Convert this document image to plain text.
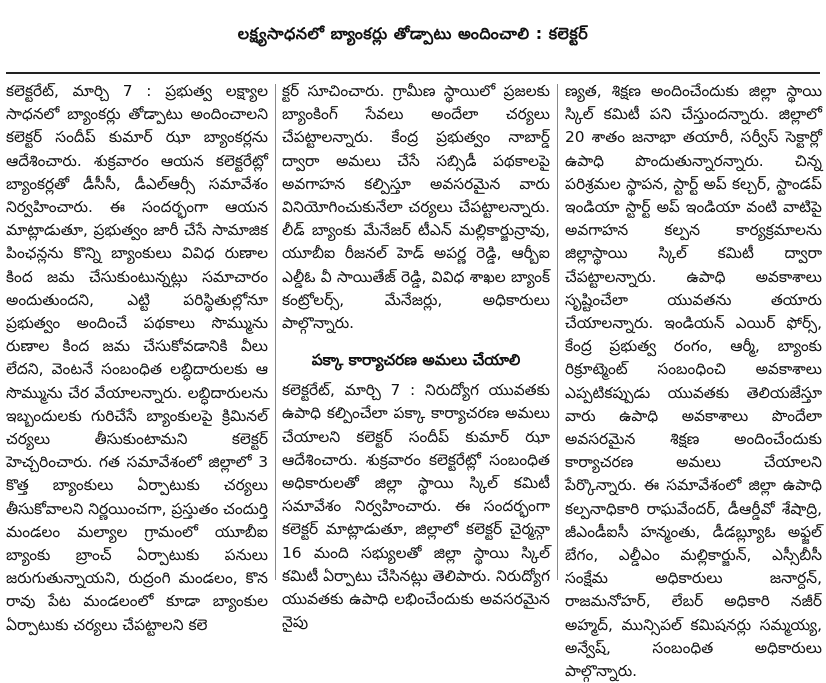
లక్ష్యసాధనలో బ్యాంకర్లు తోడ్పాటు అందించాలి : కలెక్టర్

కలెక్టరేట్, మార్చి 7 : ప్రభుత్వ లక్ష్యాల సాధనలో బ్యాంకర్లు తోడ్పాటు అందించాలని కలెక్టర్ సందీప్ కుమార్ ఝా బ్యాంకర్లను ఆదేశించారు. శుక్రవారం ఆయన కలెక్టరేట్లో బ్యాంకర్లతో డీసీసీ, డీఎల్ఆర్సీ సమావేశం నిర్వహించారు. ఈ సందర్భంగా ఆయన మాట్లాడుతూ, ప్రభుత్వం జారీ చేసే సామాజిక పింఛన్లను కొన్ని బ్యాంకులు వివిధ రుణాల కింద జమ చేసుకుంటున్నట్లు సమాచారం అందుతుందని, ఎట్టి పరిస్థితుల్లోనూ ప్రభుత్వం అందించే పథకాలు సొమ్మును రుణాల కింద జమ చేసుకోవడానికి వీలు లేదని, వెంటనే సంబంధిత లబ్ధిదారులకు ఆ సొమ్మును చేర వేయాలన్నారు. లబ్ధిదారులను ఇబ్బందులకు గురిచేసే బ్యాంకులపై క్రిమినల్ చర్యలు తీసుకుంటామని కలెక్టర్ హెచ్చరించారు. గత సమావేశంలో జిల్లాలో 3 కొత్త బ్యాంకులు ఏర్పాటుకు చర్యలు తీసుకోవాలని నిర్ణయించగా, ప్రస్తుతం చందుర్తి మండలం మల్యాల గ్రామంలో యూబీఐ బ్యాంకు బ్రాంచ్ ఏర్పాటుకు పనులు జరుగుతున్నాయని, రుద్రంగి మండలం, కొన రావు పేట మండలంలో కూడా బ్యాంకుల ఏర్పాటుకు చర్యలు చేపట్టాలని కలె

క్టర్ సూచించారు. గ్రామీణ స్థాయిలో ప్రజలకు బ్యాంకింగ్ సేవలు అందేలా చర్యలు చేపట్టాలన్నారు. కేంద్ర ప్రభుత్వం నాబార్డ్ ద్వారా అమలు చేసే సబ్సిడీ పథకాలపై అవగాహన కల్పిస్తూ అవసరమైన వారు వినియోగించుకునేలా చర్యలు చేపట్టాలన్నారు. లీడ్ బ్యాంకు మేనేజర్ టీఎన్ మల్లికార్జున్రావు, యూబీఐ రీజనల్ హెడ్ అపర్ణ రెడ్డి, ఆర్బీఐ ఎల్డీఓ వీ సాయితేజ్ రెడ్డి, వివిధ శాఖల బ్యాంక్ కంట్రోలర్స్, మేనేజర్లు, అధికారులు పాల్గొన్నారు.

పక్కా కార్యాచరణ అమలు చేయాలి

కలెక్టరేట్, మార్చి 7 : నిరుద్యోగ యువతకు ఉపాధి కల్పించేలా పక్కా కార్యాచరణ అమలు చేయాలని కలెక్టర్ సందీప్ కుమార్ ఝా ఆదేశించారు. శుక్రవారం కలెక్టరేట్లో సంబంధిత అధికారులతో జిల్లా స్థాయి స్కిల్ కమిటీ సమావేశం నిర్వహించారు. ఈ సందర్భంగా కలెక్టర్ మాట్లాడుతూ, జిల్లాలో కలెక్టర్ చైర్మన్గా 16 మంది సభ్యులతో జిల్లా స్థాయి స్కిల్ కమిటీ ఏర్పాటు చేసినట్లు తెలిపారు. నిరుద్యోగ యువతకు ఉపాధి లభించేందుకు అవసరమైన నైపు

ణ్యత, శిక్షణ అందించేందుకు జిల్లా స్థాయి స్కిల్ కమిటీ పని చేస్తుందన్నారు. జిల్లాలో 20 శాతం జనాభా తయారీ, సర్వీస్ సెక్టార్లో ఉపాధి పొందుతున్నారన్నారు. చిన్న పరిశ్రమల స్థాపన, స్టార్ట్ అప్ కల్చర్, స్టాండప్ ఇండియా స్టార్ట్ అప్ ఇండియా వంటి వాటిపై అవగాహన కల్పన కార్యక్రమాలను జిల్లాస్థాయి స్కిల్ కమిటీ ద్వారా చేపట్టాలన్నారు. ఉపాధి అవకాశాలు సృష్టించేలా యువతను తయారు చేయాలన్నారు. ఇండియన్ ఎయిర్ ఫోర్స్, కేంద్ర ప్రభుత్వ రంగం, ఆర్మీ, బ్యాంకు రిక్రూట్మెంట్ సంబంధించి అవకాశాలు ఎప్పటికప్పుడు యువతకు తెలియజేస్తూ వారు ఉపాధి అవకాశాలు పొందేలా అవసరమైన శిక్షణ అందించేందుకు కార్యాచరణ అమలు చేయాలని పేర్కొన్నారు. ఈ సమావేశంలో జిల్లా ఉపాధి కల్పనాధికారి రాఘవేందర్, డీఆర్డీవో శేషాద్రి, జీఎండీఐసీ హన్మంతు, డీడబ్ల్యూఓ అఫ్జల్ బేగం, ఎల్డీఎం మల్లికార్జున్, ఎస్సీబీసీ సంక్షేమ అధికారులు జనార్దన్, రాజమనోహర్, లేబర్ అధికారి నజీర్ అహ్మద్, మున్సిపల్ కమిషనర్లు సమ్మయ్య, అన్వేష్, సంబంధిత అధికారులు పాల్గొన్నారు.
